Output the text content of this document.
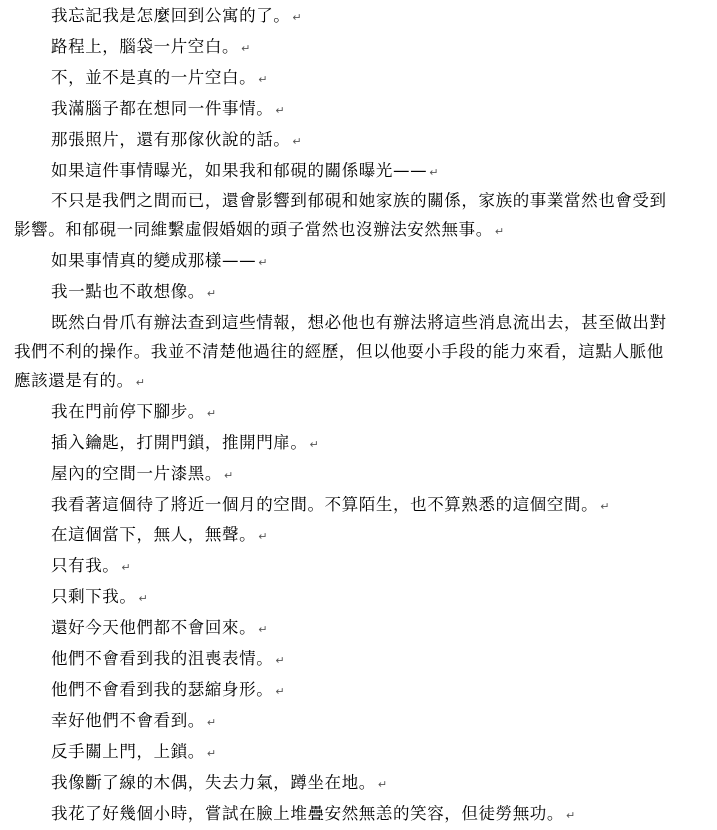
我忘記我是怎麼回到公寓的了。 ↵

路程上，腦袋一片空白。 ↵

不，並不是真的一片空白。 ↵

我滿腦子都在想同一件事情。 ↵

那張照片，還有那傢伙說的話。 ↵

如果這件事情曝光，如果我和郁硯的關係曝光—— ↵

不只是我們之間而已，還會影響到郁硯和她家族的關係，家族的事業當然也會受到影響。和郁硯一同維繫虛假婚姻的頭子當然也沒辦法安然無事。 ↵

如果事情真的變成那樣—— ↵

我一點也不敢想像。 ↵

既然白骨爪有辦法查到這些情報，想必他也有辦法將這些消息流出去，甚至做出對我們不利的操作。我並不清楚他過往的經歷，但以他耍小手段的能力來看，這點人脈他應該還是有的。 ↵

我在門前停下腳步。 ↵

插入鑰匙，打開門鎖，推開門扉。 ↵

屋內的空間一片漆黑。 ↵

我看著這個待了將近一個月的空間。不算陌生，也不算熟悉的這個空間。 ↵

在這個當下，無人，無聲。 ↵

只有我。 ↵

只剩下我。 ↵

還好今天他們都不會回來。 ↵

他們不會看到我的沮喪表情。 ↵

他們不會看到我的瑟縮身形。 ↵

幸好他們不會看到。 ↵

反手關上門，上鎖。 ↵

我像斷了線的木偶，失去力氣，蹲坐在地。 ↵

我花了好幾個小時，嘗試在臉上堆疊安然無恙的笑容，但徒勞無功。 ↵
